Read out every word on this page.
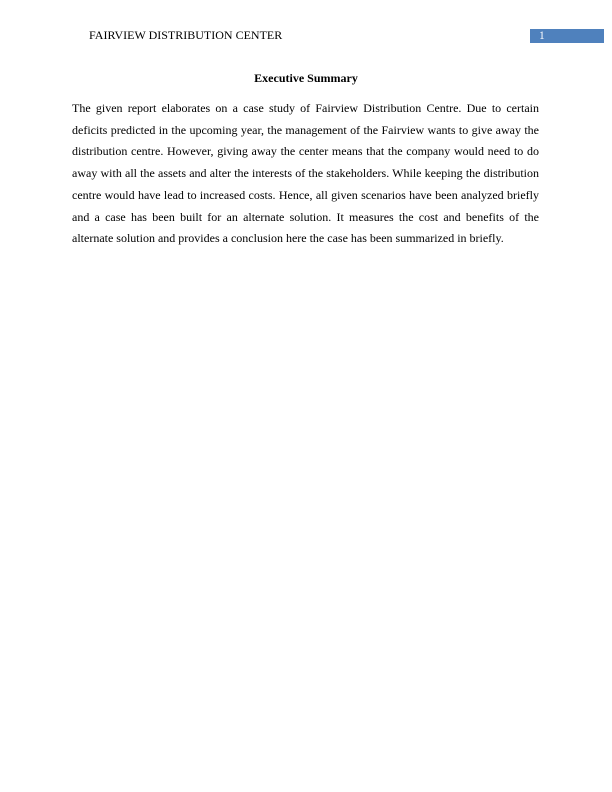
FAIRVIEW DISTRIBUTION CENTER	1
Executive Summary

The given report elaborates on a case study of Fairview Distribution Centre. Due to certain deficits predicted in the upcoming year, the management of the Fairview wants to give away the distribution centre. However, giving away the center means that the company would need to do away with all the assets and alter the interests of the stakeholders. While keeping the distribution centre would have lead to increased costs. Hence, all given scenarios have been analyzed briefly and a case has been built for an alternate solution. It measures the cost and benefits of the alternate solution and provides a conclusion here the case has been summarized in briefly.
